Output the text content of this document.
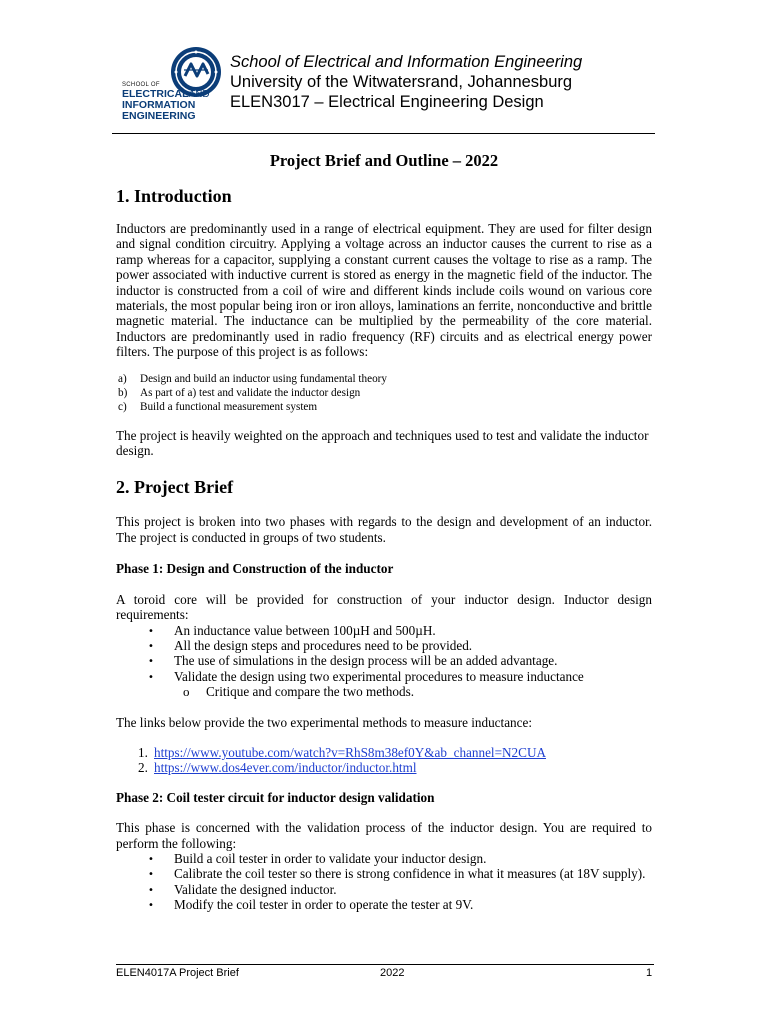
SCHOOL OF
ELECTRICALAND
INFORMATION
ENGINEERING
School of Electrical and Information Engineering
University of the Witwatersrand, Johannesburg
ELEN3017 – Electrical Engineering Design
Project Brief and Outline – 2022
1. Introduction

Inductors are predominantly used in a range of electrical equipment. They are used for filter design and signal condition circuitry. Applying a voltage across an inductor causes the current to rise as a ramp whereas for a capacitor, supplying a constant current causes the voltage to rise as a ramp. The power associated with inductive current is stored as energy in the magnetic field of the inductor. The inductor is constructed from a coil of wire and different kinds include coils wound on various core materials, the most popular being iron or iron alloys, laminations an ferrite, nonconductive and brittle magnetic material. The inductance can be multiplied by the permeability of the core material. Inductors are predominantly used in radio frequency (RF) circuits and as electrical energy power filters. The purpose of this project is as follows:

a) Design and build an inductor using fundamental theory
b) As part of a) test and validate the inductor design
c) Build a functional measurement system

The project is heavily weighted on the approach and techniques used to test and validate the inductor design.

2. Project Brief

This project is broken into two phases with regards to the design and development of an inductor. The project is conducted in groups of two students.

Phase 1: Design and Construction of the inductor

A toroid core will be provided for construction of your inductor design. Inductor design requirements:

• An inductance value between 100µH and 500µH.
• All the design steps and procedures need to be provided.
• The use of simulations in the design process will be an added advantage.
• Validate the design using two experimental procedures to measure inductance
o Critique and compare the two methods.

The links below provide the two experimental methods to measure inductance:

1. https://www.youtube.com/watch?v=RhS8m38ef0Y&ab_channel=N2CUA
2. https://www.dos4ever.com/inductor/inductor.html
Phase 2: Coil tester circuit for inductor design validation

This phase is concerned with the validation process of the inductor design. You are required to perform the following:

• Build a coil tester in order to validate your inductor design.
• Calibrate the coil tester so there is strong confidence in what it measures (at 18V supply).
• Validate the designed inductor.
• Modify the coil tester in order to operate the tester at 9V.
ELEN4017A Project Brief	2022	1
